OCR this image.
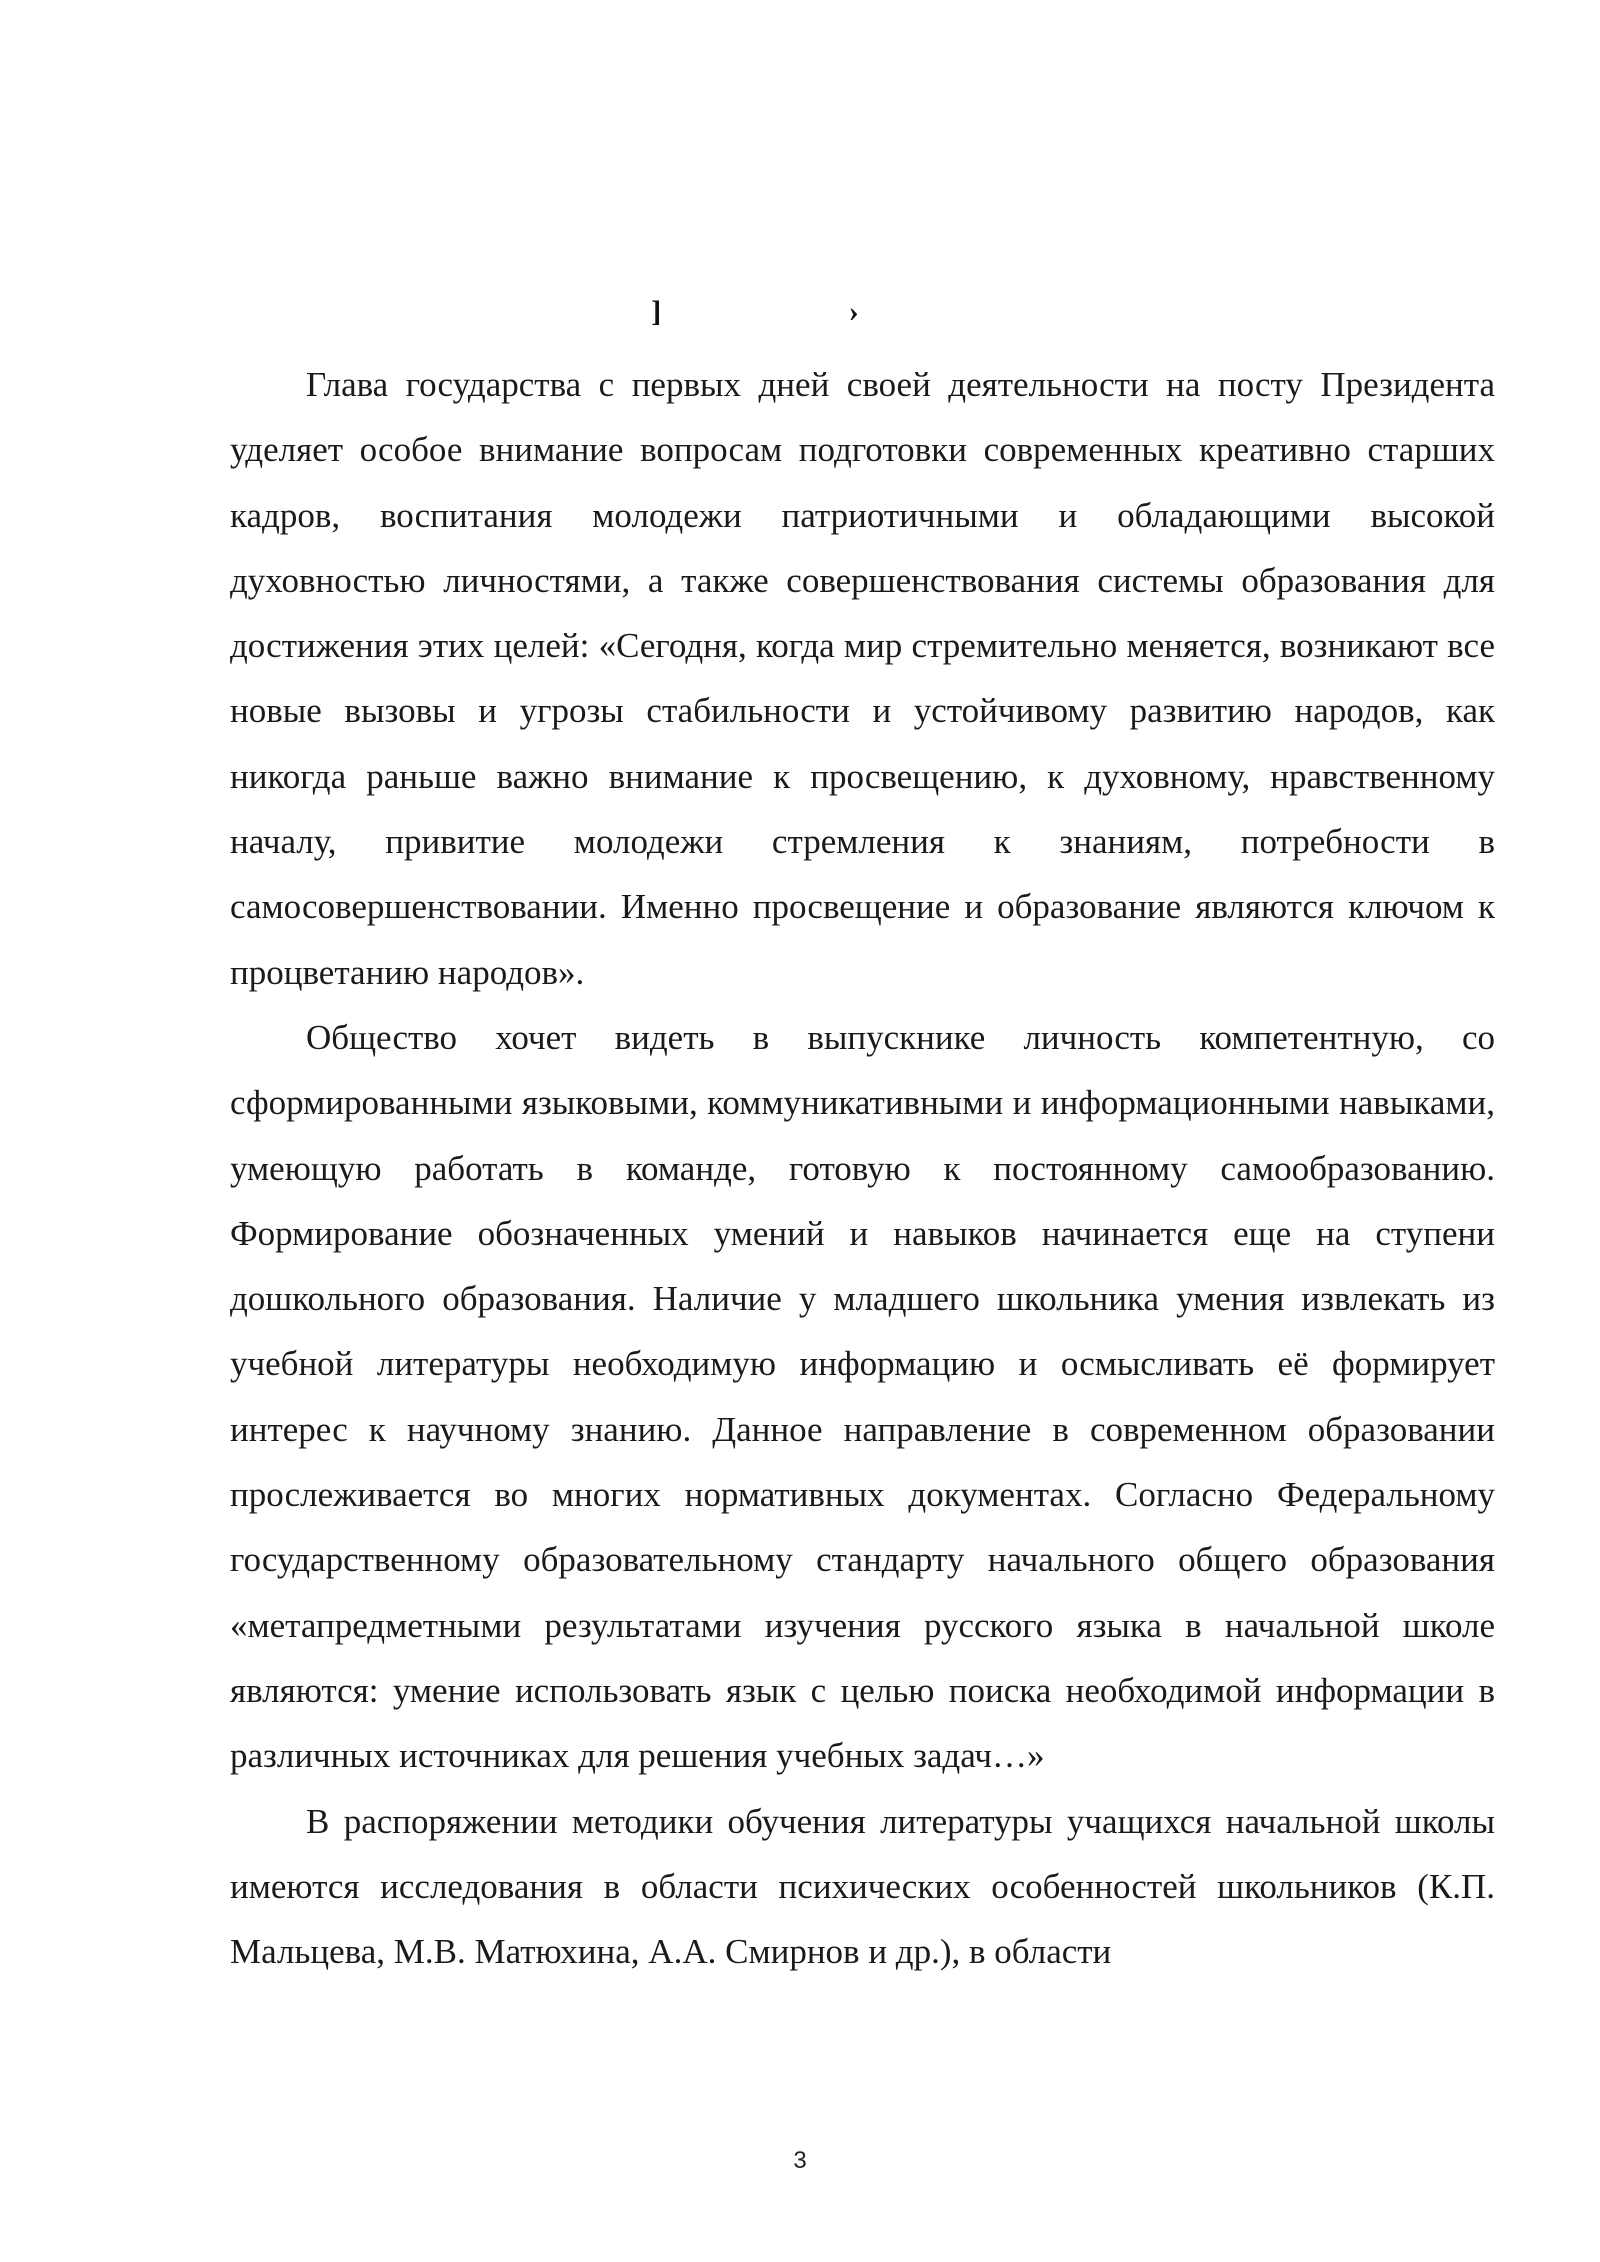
] ›

Глава государства с первых дней своей деятельности на посту Президента уделяет особое внимание вопросам подготовки современных креативно старших кадров, воспитания молодежи патриотичными и обладающими высокой духовностью личностями, а также совершенствования системы образования для достижения этих целей: «Сегодня, когда мир стремительно меняется, возникают все новые вызовы и угрозы стабильности и устойчивому развитию народов, как никогда раньше важно внимание к просвещению, к духовному, нравственному началу, привитие молодежи стремления к знаниям, потребности в самосовершенствовании. Именно просвещение и образование являются ключом к процветанию народов».

Общество хочет видеть в выпускнике личность компетентную, со сформированными языковыми, коммуникативными и информационными навыками, умеющую работать в команде, готовую к постоянному самообразованию. Формирование обозначенных умений и навыков начинается еще на ступени дошкольного образования. Наличие у младшего школьника умения извлекать из учебной литературы необходимую информацию и осмысливать её формирует интерес к научному знанию. Данное направление в современном образовании прослеживается во многих нормативных документах. Согласно Федеральному государственному образовательному стандарту начального общего образования «метапредметными результатами изучения русского языка в начальной школе являются: умение использовать язык с целью поиска необходимой информации в различных источниках для решения учебных задач…»

В распоряжении методики обучения литературы учащихся начальной школы имеются исследования в области психических особенностей школьников (К.П. Мальцева, М.В. Матюхина, А.А. Смирнов и др.), в области

3
